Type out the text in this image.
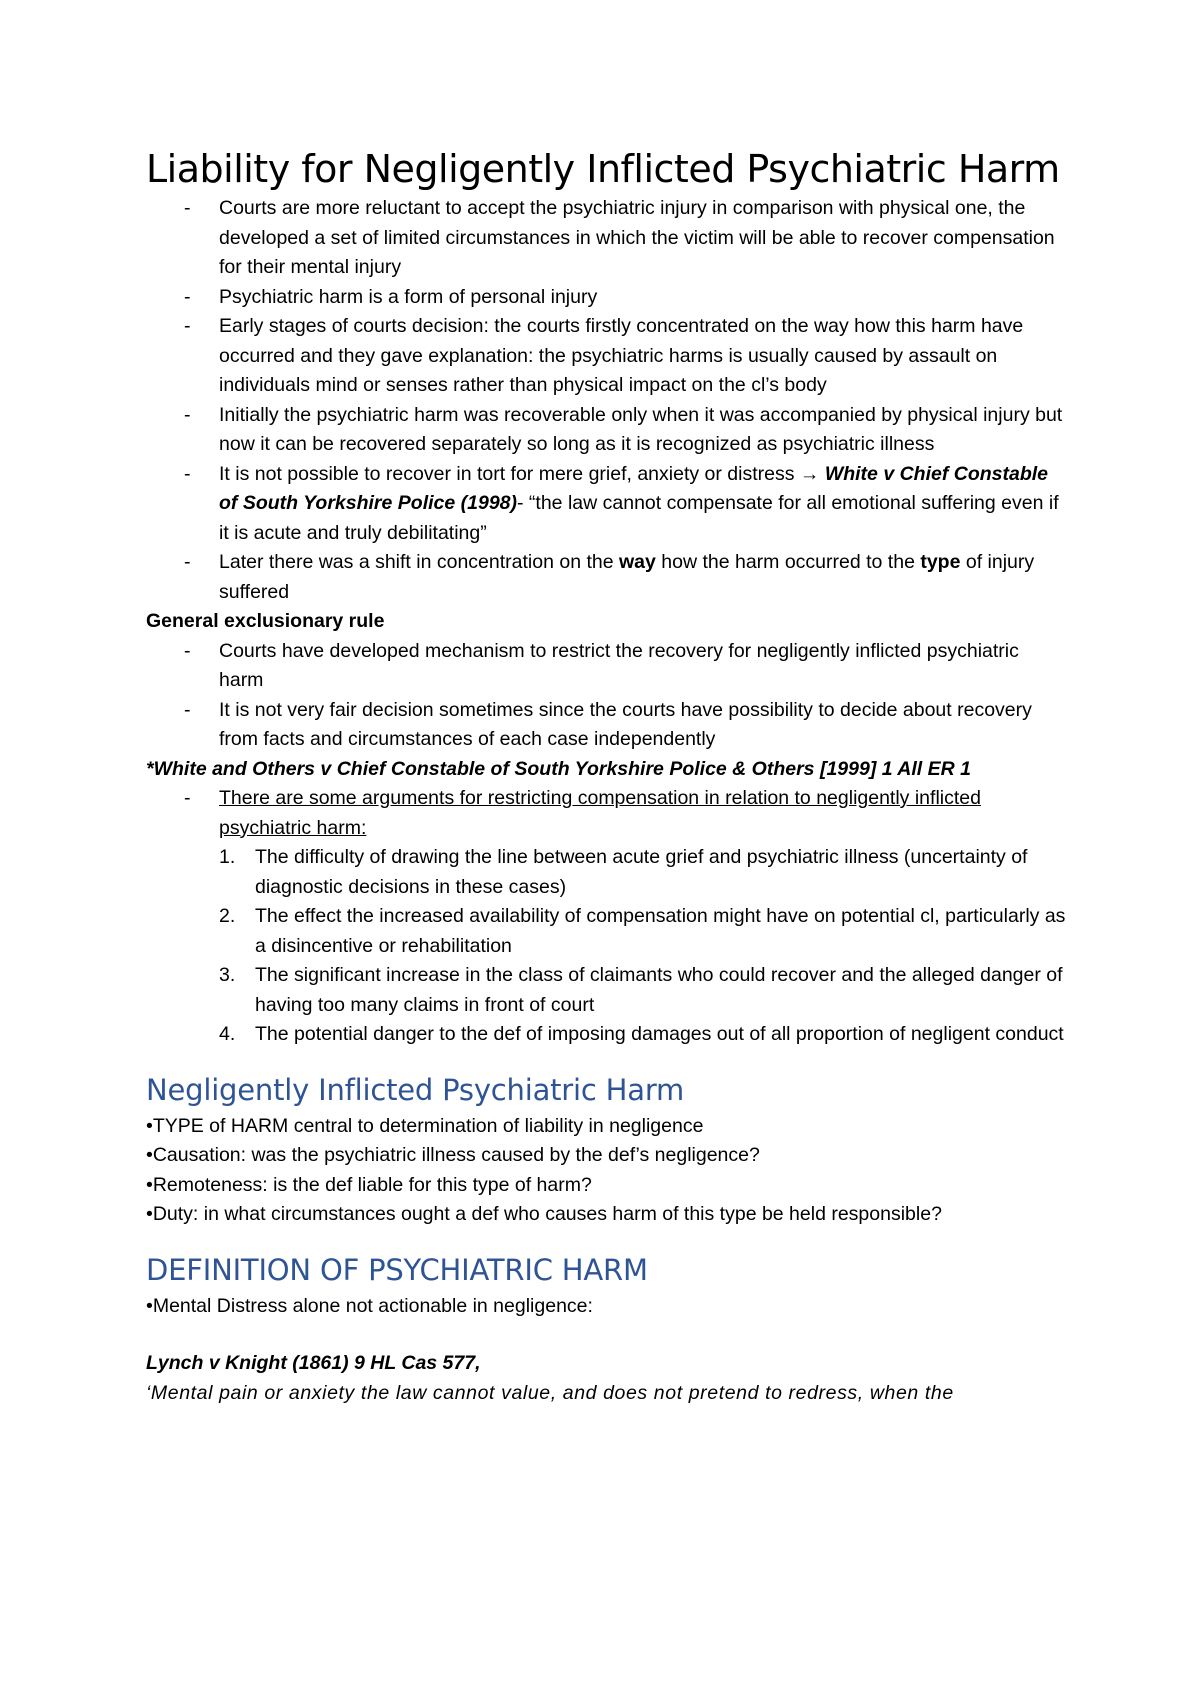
Liability for Negligently Inflicted Psychiatric Harm
- Courts are more reluctant to accept the psychiatric injury in comparison with physical one, the developed a set of limited circumstances in which the victim will be able to recover compensation for their mental injury
- Psychiatric harm is a form of personal injury
- Early stages of courts decision: the courts firstly concentrated on the way how this harm have occurred and they gave explanation: the psychiatric harms is usually caused by assault on individuals mind or senses rather than physical impact on the cl’s body
- Initially the psychiatric harm was recoverable only when it was accompanied by physical injury but now it can be recovered separately so long as it is recognized as psychiatric illness
- It is not possible to recover in tort for mere grief, anxiety or distress → White v Chief Constable of South Yorkshire Police (1998)- “the law cannot compensate for all emotional suffering even if it is acute and truly debilitating”
- Later there was a shift in concentration on the way how the harm occurred to the type of injury suffered
General exclusionary rule
- Courts have developed mechanism to restrict the recovery for negligently inflicted psychiatric harm
- It is not very fair decision sometimes since the courts have possibility to decide about recovery from facts and circumstances of each case independently
*White and Others v Chief Constable of South Yorkshire Police & Others [1999] 1 All ER 1
- There are some arguments for restricting compensation in relation to negligently inflicted psychiatric harm:
1. The difficulty of drawing the line between acute grief and psychiatric illness (uncertainty of diagnostic decisions in these cases)
2. The effect the increased availability of compensation might have on potential cl, particularly as a disincentive or rehabilitation
3. The significant increase in the class of claimants who could recover and the alleged danger of having too many claims in front of court
4. The potential danger to the def of imposing damages out of all proportion of negligent conduct
Negligently Inflicted Psychiatric Harm

•TYPE of HARM central to determination of liability in negligence

•Causation: was the psychiatric illness caused by the def’s negligence?

•Remoteness: is the def liable for this type of harm?

•Duty: in what circumstances ought a def who causes harm of this type be held responsible?

DEFINITION OF PSYCHIATRIC HARM

•Mental Distress alone not actionable in negligence:

Lynch v Knight (1861) 9 HL Cas 577,

‘Mental pain or anxiety the law cannot value, and does not pretend to redress, when the
